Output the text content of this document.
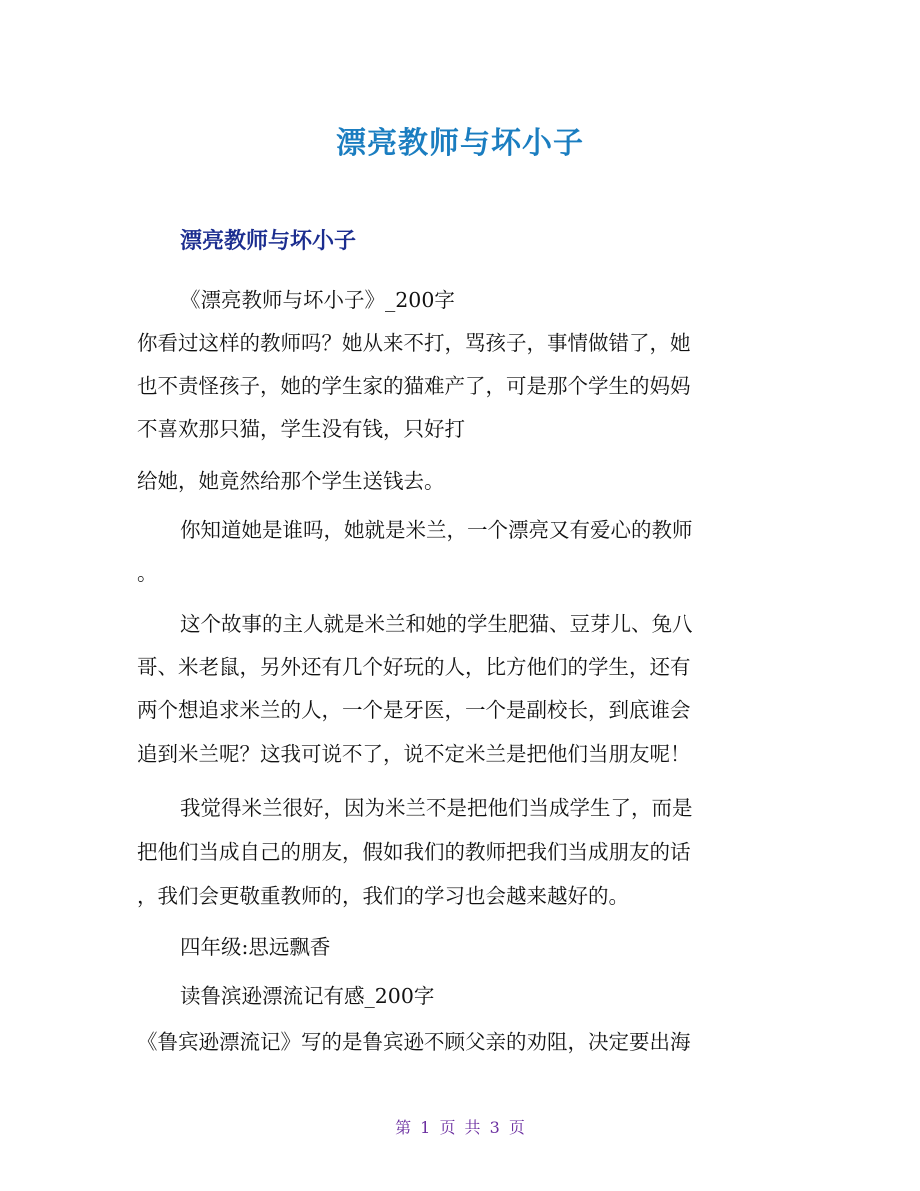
漂亮教师与坏小子
漂亮教师与坏小子
《漂亮教师与坏小子》_200字
你看过这样的教师吗？她从来不打，骂孩子，事情做错了，她
也不责怪孩子，她的学生家的猫难产了，可是那个学生的妈妈
不喜欢那只猫，学生没有钱，只好打
给她，她竟然给那个学生送钱去。
你知道她是谁吗，她就是米兰，一个漂亮又有爱心的教师
。
这个故事的主人就是米兰和她的学生肥猫、豆芽儿、兔八
哥、米老鼠，另外还有几个好玩的人，比方他们的学生，还有
两个想追求米兰的人，一个是牙医，一个是副校长，到底谁会
追到米兰呢？这我可说不了，说不定米兰是把他们当朋友呢！
我觉得米兰很好，因为米兰不是把他们当成学生了，而是
把他们当成自己的朋友，假如我们的教师把我们当成朋友的话
，我们会更敬重教师的，我们的学习也会越来越好的。
四年级:思远飘香
读鲁滨逊漂流记有感_200字
《鲁宾逊漂流记》写的是鲁宾逊不顾父亲的劝阻，决定要出海
第 1 页 共 3 页
